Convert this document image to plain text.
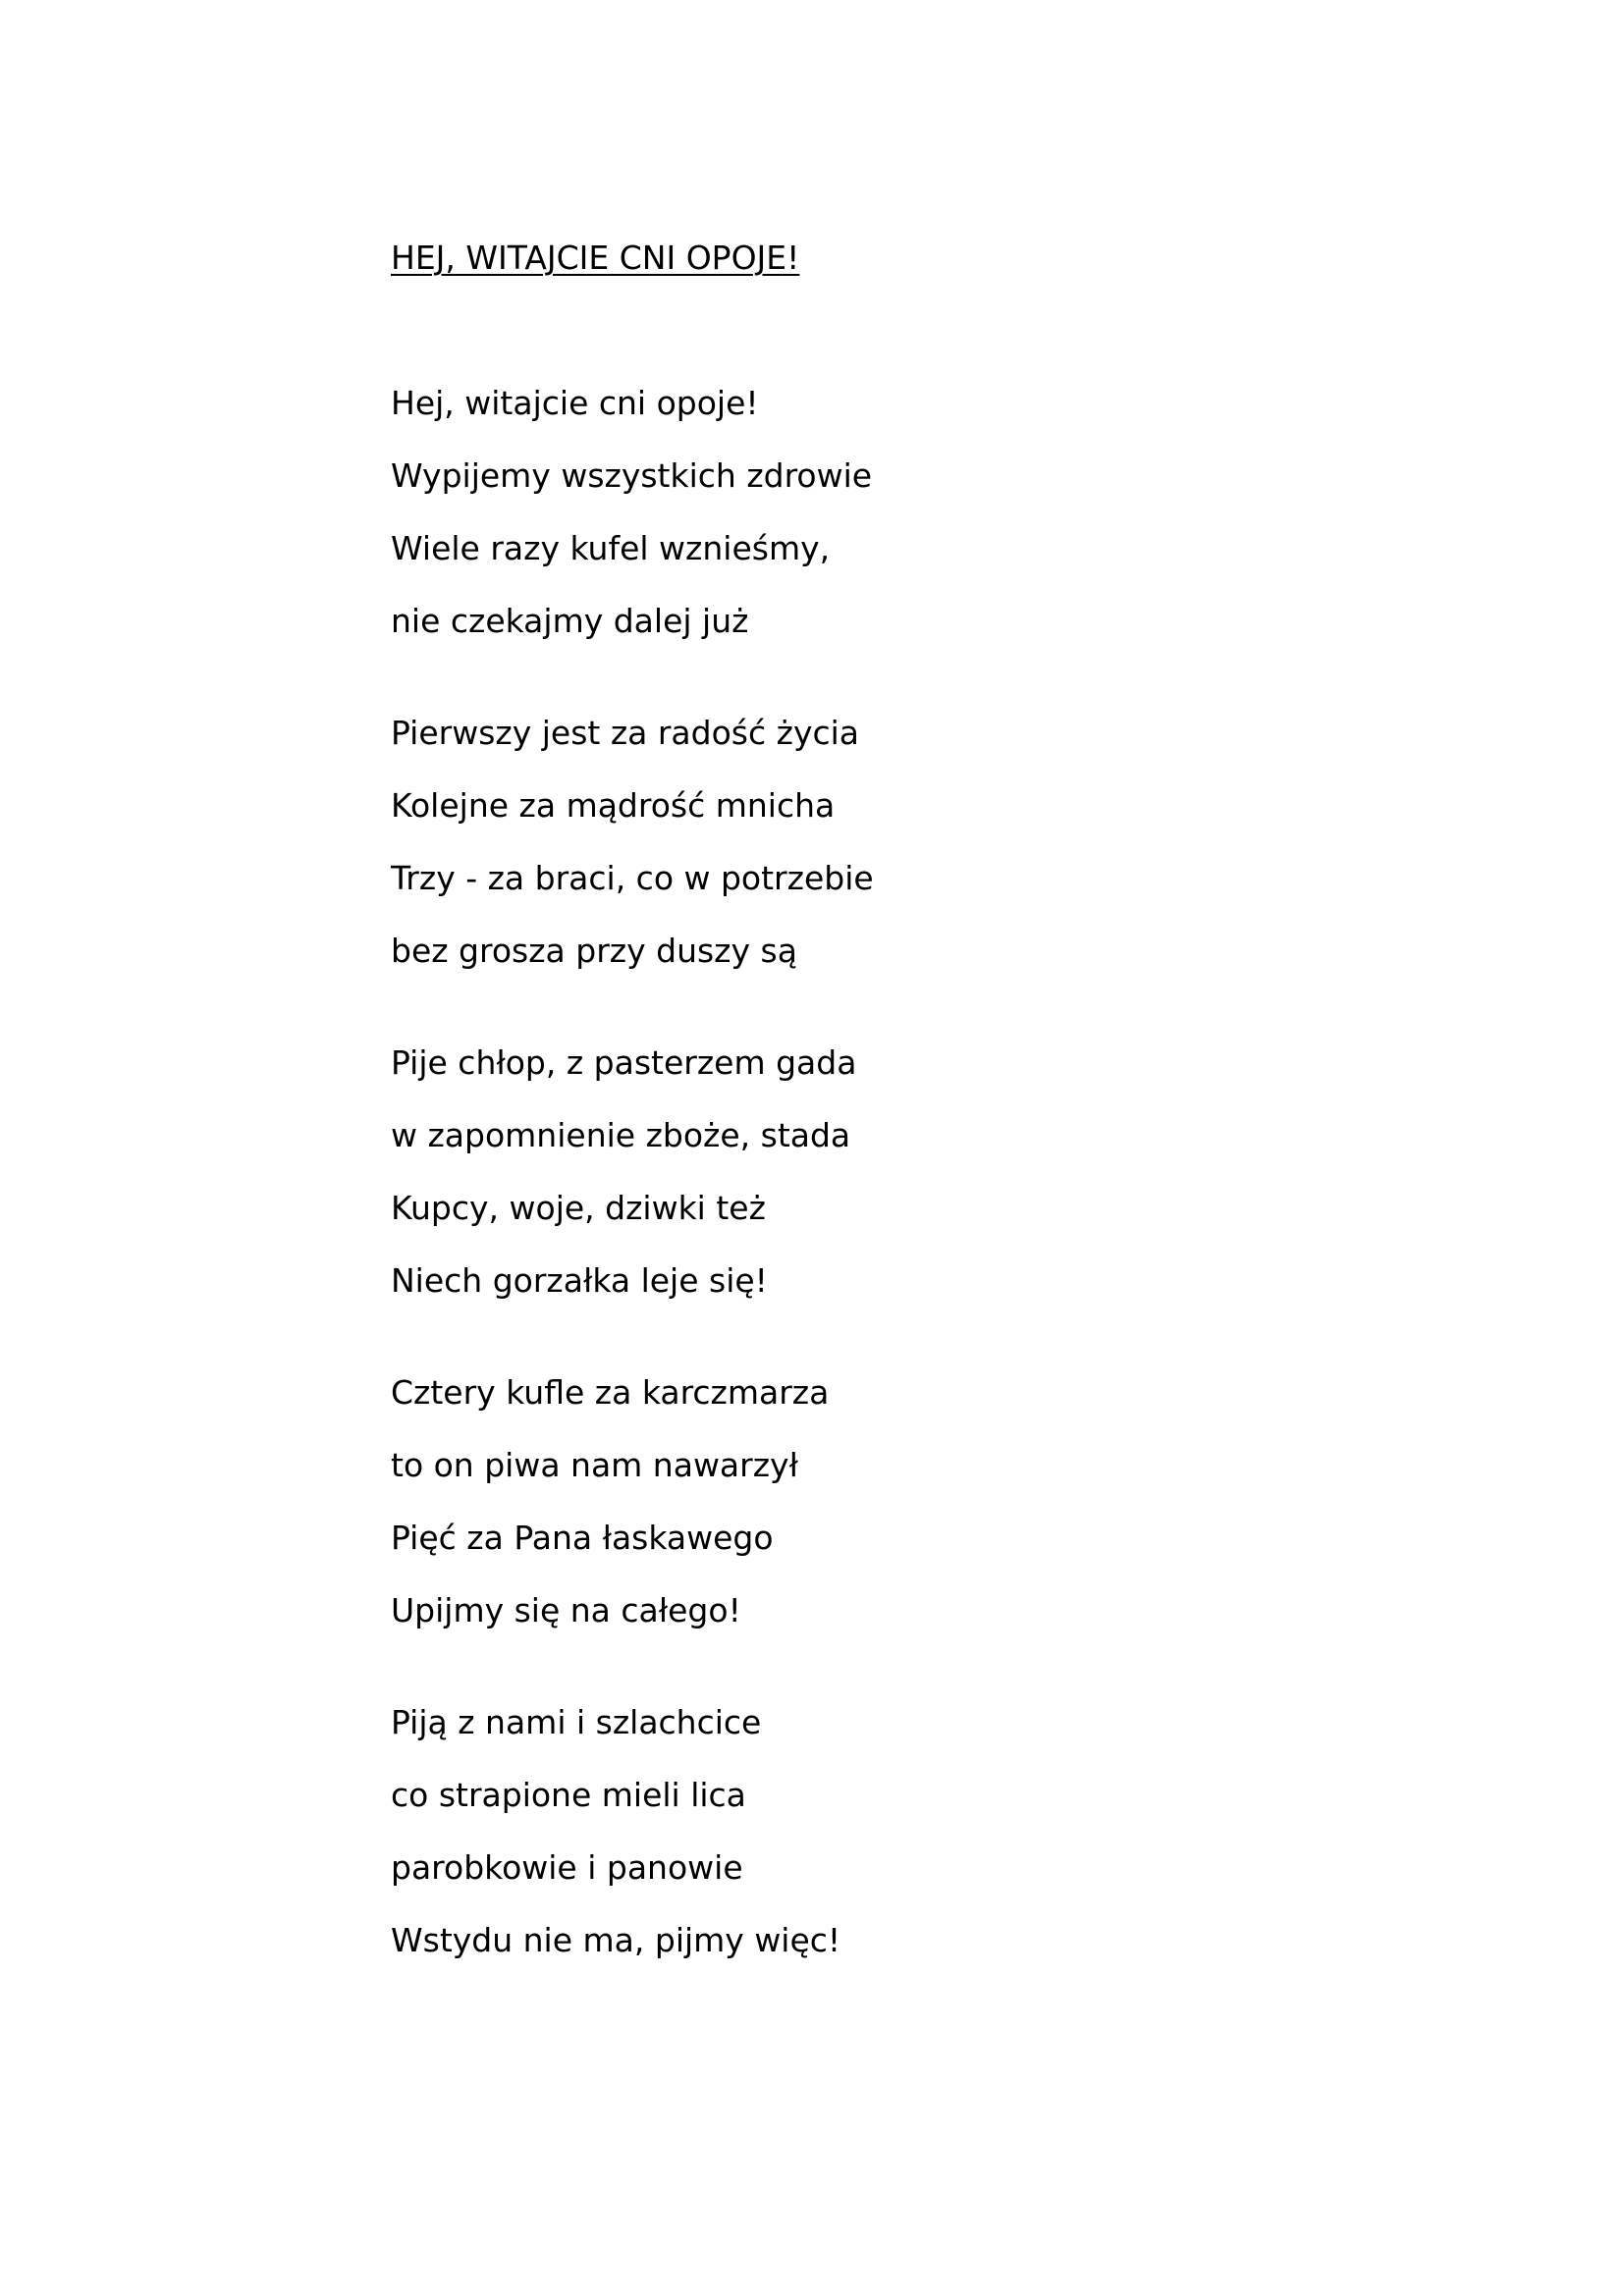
HEJ, WITAJCIE CNI OPOJE!
Hej, witajcie cni opoje!
Wypijemy wszystkich zdrowie
Wiele razy kufel wznieśmy,
nie czekajmy dalej już
Pierwszy jest za radość życia
Kolejne za mądrość mnicha
Trzy - za braci, co w potrzebie
bez grosza przy duszy są
Pije chłop, z pasterzem gada
w zapomnienie zboże, stada
Kupcy, woje, dziwki też
Niech gorzałka leje się!
Cztery kufle za karczmarza
to on piwa nam nawarzył
Pięć za Pana łaskawego
Upijmy się na całego!
Piją z nami i szlachcice
co strapione mieli lica
parobkowie i panowie
Wstydu nie ma, pijmy więc!
